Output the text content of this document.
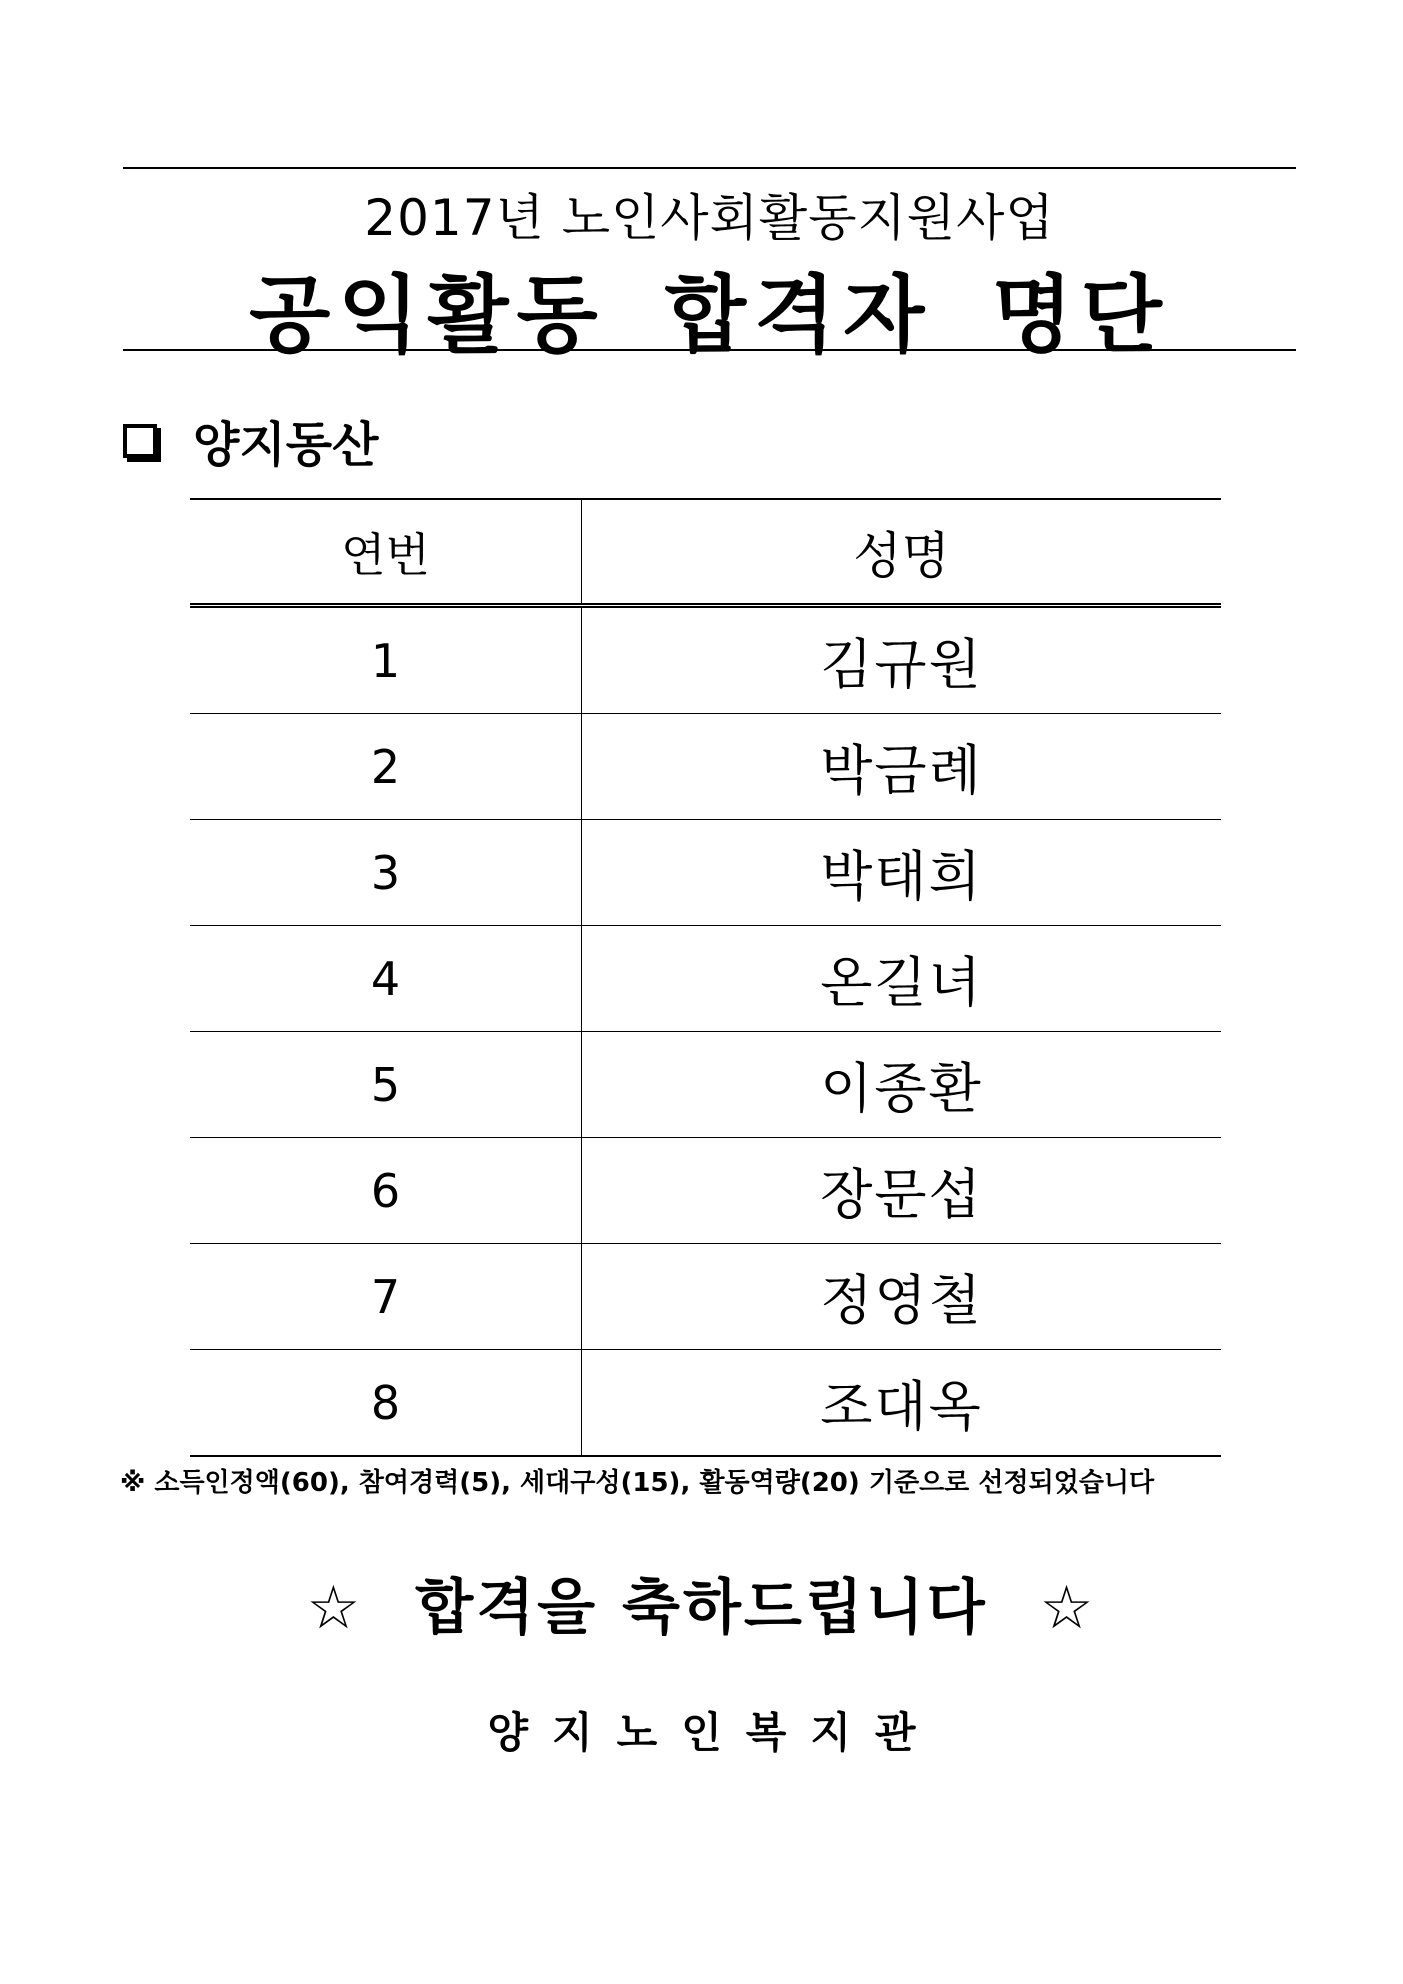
2017년 노인사회활동지원사업
공익활동 합격자 명단
양지동산
연번	성명
1	김규원
2	박금례
3	박태희
4	온길녀
5	이종환
6	장문섭
7	정영철
8	조대옥
※ 소득인정액(60), 참여경력(5), 세대구성(15), 활동역량(20) 기준으로 선정되었습니다
☆ 합격을 축하드립니다 ☆
양지노인복지관
